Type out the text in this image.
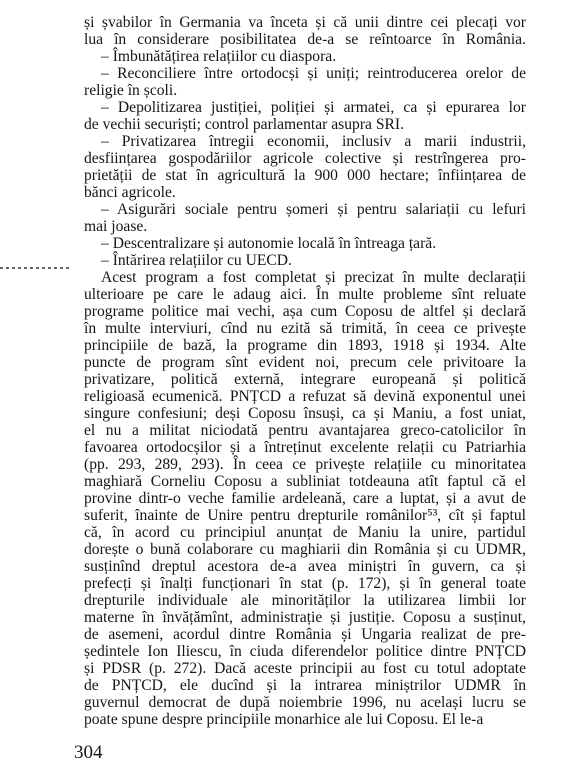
și șvabilor în Germania va înceta și că unii dintre cei plecați vor
lua în considerare posibilitatea de-a se reîntoarce în România.
– Îmbunătățirea relațiilor cu diaspora.
– Reconciliere între ortodocși și uniți; reintroducerea orelor de
religie în școli.
– Depolitizarea justiției, poliției și armatei, ca și epurarea lor
de vechii securiști; control parlamentar asupra SRI.
– Privatizarea întregii economii, inclusiv a marii industrii,
desființarea gospodăriilor agricole colective și restrîngerea pro-
prietății de stat în agricultură la 900 000 hectare; înființarea de
bănci agricole.
– Asigurări sociale pentru șomeri și pentru salariații cu lefuri
mai joase.
– Descentralizare și autonomie locală în întreaga țară.
– Întărirea relațiilor cu UECD.
Acest program a fost completat și precizat în multe declarații
ulterioare pe care le adaug aici. În multe probleme sînt reluate
programe politice mai vechi, așa cum Coposu de altfel și declară
în multe interviuri, cînd nu ezită să trimită, în ceea ce privește
principiile de bază, la programe din 1893, 1918 și 1934. Alte
puncte de program sînt evident noi, precum cele privitoare la
privatizare, politică externă, integrare europeană și politică
religioasă ecumenică. PNȚCD a refuzat să devină exponentul unei
singure confesiuni; deși Coposu însuși, ca și Maniu, a fost uniat,
el nu a militat niciodată pentru avantajarea greco-catolicilor în
favoarea ortodocșilor și a întreținut excelente relații cu Patriarhia
(pp. 293, 289, 293). În ceea ce privește relațiile cu minoritatea
maghiară Corneliu Coposu a subliniat totdeauna atît faptul că el
provine dintr-o veche familie ardeleană, care a luptat, și a avut de
suferit, înainte de Unire pentru drepturile românilor⁵³, cît și faptul
că, în acord cu principiul anunțat de Maniu la unire, partidul
dorește o bună colaborare cu maghiarii din România și cu UDMR,
susținînd dreptul acestora de-a avea miniștri în guvern, ca și
prefecți și înalți funcționari în stat (p. 172), și în general toate
drepturile individuale ale minorităților la utilizarea limbii lor
materne în învățămînt, administrație și justiție. Coposu a susținut,
de asemeni, acordul dintre România și Ungaria realizat de pre-
ședintele Ion Iliescu, în ciuda diferendelor politice dintre PNȚCD
și PDSR (p. 272). Dacă aceste principii au fost cu totul adoptate
de PNȚCD, ele ducînd și la intrarea miniștrilor UDMR în
guvernul democrat de după noiembrie 1996, nu același lucru se
poate spune despre principiile monarhice ale lui Coposu. El le-a
304
